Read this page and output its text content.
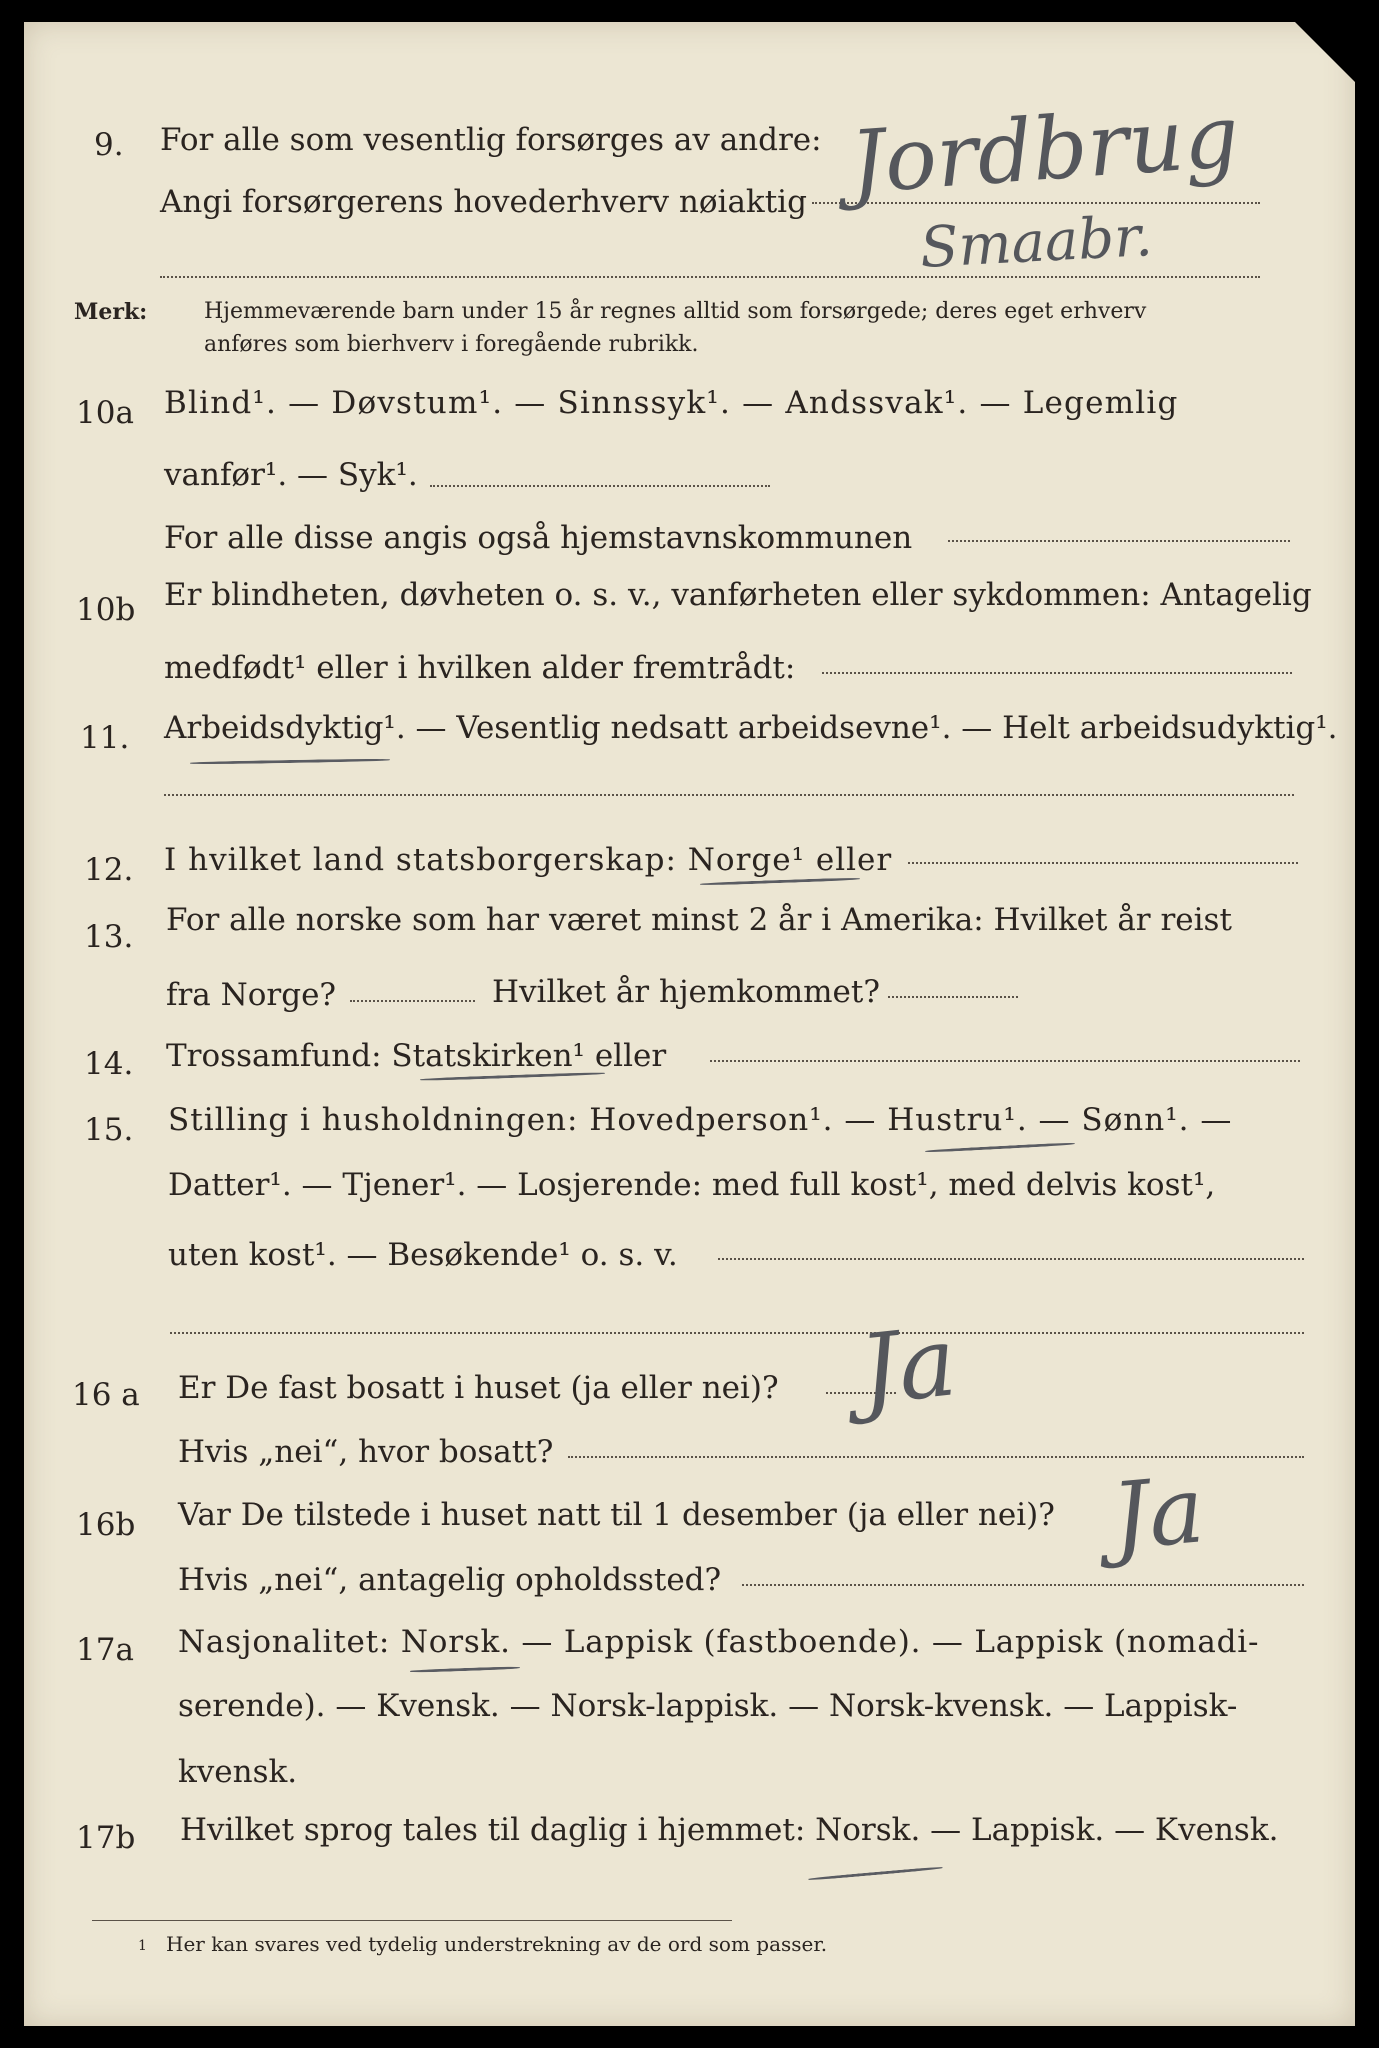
9. For alle som vesentlig forsørges av andre:
Angi forsørgerens hovederhverv nøiaktig Jordbrug
Smaabr.
Merk:	Hjemmeværende barn under 15 år regnes alltid som forsørgede; deres eget erhverv
anføres som bierhverv i foregående rubrikk.
10a Blind¹. — Døvstum¹. — Sinnssyk¹. — Andssvak¹. — Legemlig
vanfør¹. — Syk¹.
For alle disse angis også hjemstavnskommunen
10b Er blindheten, døvheten o. s. v., vanførheten eller sykdommen: Antagelig
medfødt¹ eller i hvilken alder fremtrådt:
11. Arbeidsdyktig¹. — Vesentlig nedsatt arbeidsevne¹. — Helt arbeidsudyktig¹.
12. I hvilket land statsborgerskap: Norge¹ eller
13. For alle norske som har været minst 2 år i Amerika: Hvilket år reist
fra Norge?	Hvilket år hjemkommet?
14. Trossamfund: Statskirken¹ eller
15. Stilling i husholdningen: Hovedperson¹. — Hustru¹. — Sønn¹. —
Datter¹. — Tjener¹. — Losjerende: med full kost¹, med delvis kost¹,
uten kost¹. — Besøkende¹ o. s. v.
16 a Er De fast bosatt i huset (ja eller nei)? Ja
Hvis „nei“, hvor bosatt?
16b Var De tilstede i huset natt til 1 desember (ja eller nei)? Ja
Hvis „nei“, antagelig opholdssted?
17a Nasjonalitet: Norsk. — Lappisk (fastboende). — Lappisk (nomadi-
serende). — Kvensk. — Norsk-lappisk. — Norsk-kvensk. — Lappisk-
kvensk.
17b Hvilket sprog tales til daglig i hjemmet: Norsk. — Lappisk. — Kvensk.
1 Her kan svares ved tydelig understrekning av de ord som passer.
